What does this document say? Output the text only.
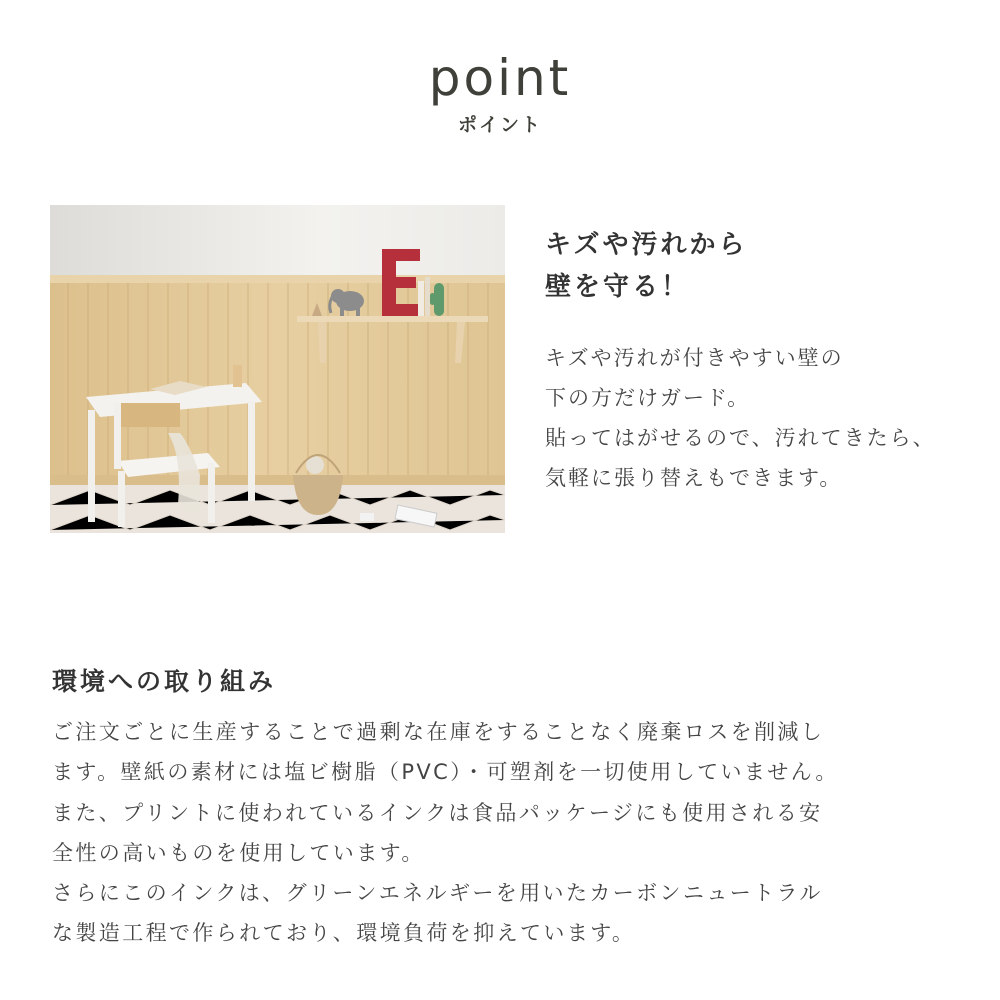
point
ポイント
E
キズや汚れから
壁を守る！
キズや汚れが付きやすい壁の
下の方だけガード。
貼ってはがせるので、汚れてきたら、
気軽に張り替えもできます。
環境への取り組み
ご注文ごとに生産することで過剰な在庫をすることなく廃棄ロスを削減し
ます。壁紙の素材には塩ビ樹脂（PVC）・可塑剤を一切使用していません。
また、プリントに使われているインクは食品パッケージにも使用される安
全性の高いものを使用しています。
さらにこのインクは、グリーンエネルギーを用いたカーボンニュートラル
な製造工程で作られており、環境負荷を抑えています。
